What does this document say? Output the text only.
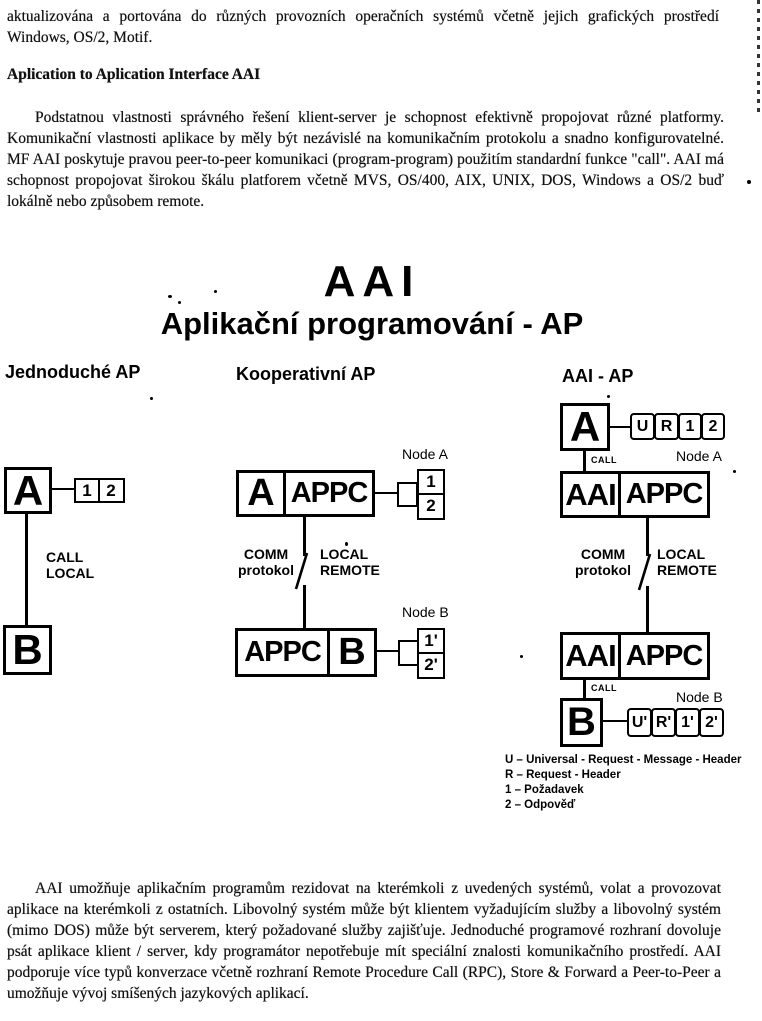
aktualizována a portována do různých provozních operačních systémů včetně jejich grafických prostředí Windows, OS/2, Motif.
Aplication to Aplication Interface AAI
Podstatnou vlastnosti správného řešení klient-server je schopnost efektivně propojovat různé platformy. Komunikační vlastnosti aplikace by měly být nezávislé na komunikačním protokolu a snadno konfigurovatelné. MF AAI poskytuje pravou peer-to-peer komunikaci (program-program) použitím standardní funkce "call". AAI má schopnost propojovat širokou škálu platforem včetně MVS, OS/400, AIX, UNIX, DOS, Windows a OS/2 buď lokálně nebo způsobem remote.
AAI
Aplikační programování - AP
Jednoduché AP	Kooperativní AP	AAI - AP
A	1 2
CALL
LOCAL
B
Node A
A APPC	1
2
COMM
protokol
LOCAL
REMOTE
Node B
APPC B	1'
2'
A	U R 1 2
Node A
CALL
AAI APPC
COMM
protokol
LOCAL
REMOTE
AAI APPC
CALL
Node B
B	U' R' 1' 2'
U – Universal - Request - Message - Header
R – Request - Header
1 – Požadavek
2 – Odpověď
AAI umožňuje aplikačním programům rezidovat na kterémkoli z uvedených systémů, volat a provozovat aplikace na kterémkoli z ostatních. Libovolný systém může být klientem vyžadujícím služby a libovolný systém (mimo DOS) může být serverem, který požadované služby zajišťuje. Jednoduché programové rozhraní dovoluje psát aplikace klient / server, kdy programátor nepotřebuje mít speciální znalosti komunikačního prostředí. AAI podporuje více typů konverzace včetně rozhraní Remote Procedure Call (RPC), Store & Forward a Peer-to-Peer a umožňuje vývoj smíšených jazykových aplikací.
